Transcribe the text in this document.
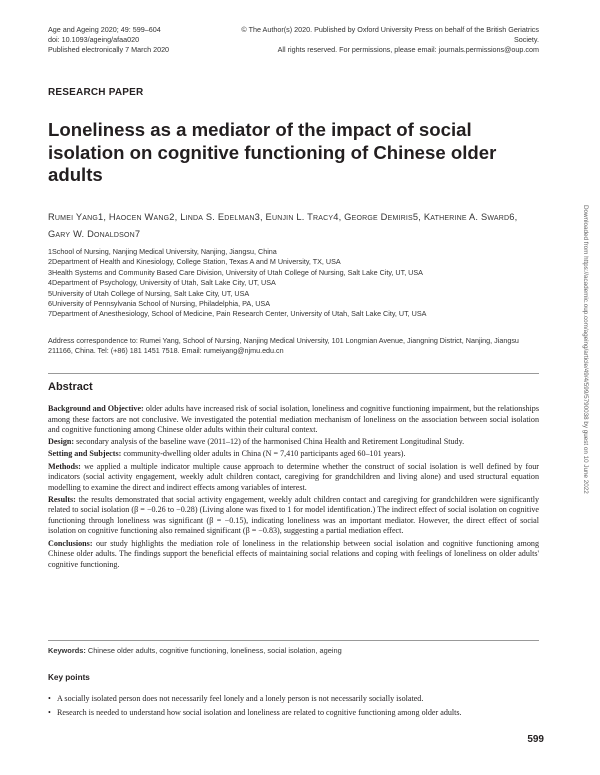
Age and Ageing 2020; 49: 599–604
doi: 10.1093/ageing/afaa020
Published electronically 7 March 2020
© The Author(s) 2020. Published by Oxford University Press on behalf of the British Geriatrics Society.
All rights reserved. For permissions, please email: journals.permissions@oup.com
RESEARCH PAPER
Loneliness as a mediator of the impact of social isolation on cognitive functioning of Chinese older adults
Rumei Yang1, Haocen Wang2, Linda S. Edelman3, Eunjin L. Tracy4, George Demiris5, Katherine A. Sward6, Gary W. Donaldson7
1School of Nursing, Nanjing Medical University, Nanjing, Jiangsu, China
2Department of Health and Kinesiology, College Station, Texas A and M University, TX, USA
3Health Systems and Community Based Care Division, University of Utah College of Nursing, Salt Lake City, UT, USA
4Department of Psychology, University of Utah, Salt Lake City, UT, USA
5University of Utah College of Nursing, Salt Lake City, UT, USA
6University of Pennsylvania School of Nursing, Philadelphia, PA, USA
7Department of Anesthesiology, School of Medicine, Pain Research Center, University of Utah, Salt Lake City, UT, USA
Address correspondence to: Rumei Yang, School of Nursing, Nanjing Medical University, 101 Longmian Avenue, Jiangning District, Nanjing, Jiangsu 211166, China. Tel: (+86) 181 1451 7518. Email: rumeiyang@njmu.edu.cn
Abstract

Background and Objective: older adults have increased risk of social isolation, loneliness and cognitive functioning impairment, but the relationships among these factors are not conclusive. We investigated the potential mediation mechanism of loneliness on the association between social isolation and cognitive functioning among Chinese older adults within their cultural context.

Design: secondary analysis of the baseline wave (2011–12) of the harmonised China Health and Retirement Longitudinal Study.

Setting and Subjects: community-dwelling older adults in China (N = 7,410 participants aged 60–101 years).

Methods: we applied a multiple indicator multiple cause approach to determine whether the construct of social isolation is well defined by four indicators (social activity engagement, weekly adult children contact, caregiving for grandchildren and living alone) and used structural equation modelling to examine the direct and indirect effects among variables of interest.

Results: the results demonstrated that social activity engagement, weekly adult children contact and caregiving for grandchildren were significantly related to social isolation (β = −0.26 to −0.28) (Living alone was fixed to 1 for model identification.) The indirect effect of social isolation on cognitive functioning through loneliness was significant (β = −0.15), indicating loneliness was an important mediator. However, the direct effect of social isolation on cognitive functioning also remained significant (β = −0.83), suggesting a partial mediation effect.

Conclusions: our study highlights the mediation role of loneliness in the relationship between social isolation and cognitive functioning among Chinese older adults. The findings support the beneficial effects of maintaining social relations and coping with feelings of loneliness on older adults' cognitive functioning.

Keywords: Chinese older adults, cognitive functioning, loneliness, social isolation, ageing
Key points
• A socially isolated person does not necessarily feel lonely and a lonely person is not necessarily socially isolated.
• Research is needed to understand how social isolation and loneliness are related to cognitive functioning among older adults.
599
Downloaded from https://academic.oup.com/ageing/article/49/4/599/5790038 by guest on 10 June 2022
